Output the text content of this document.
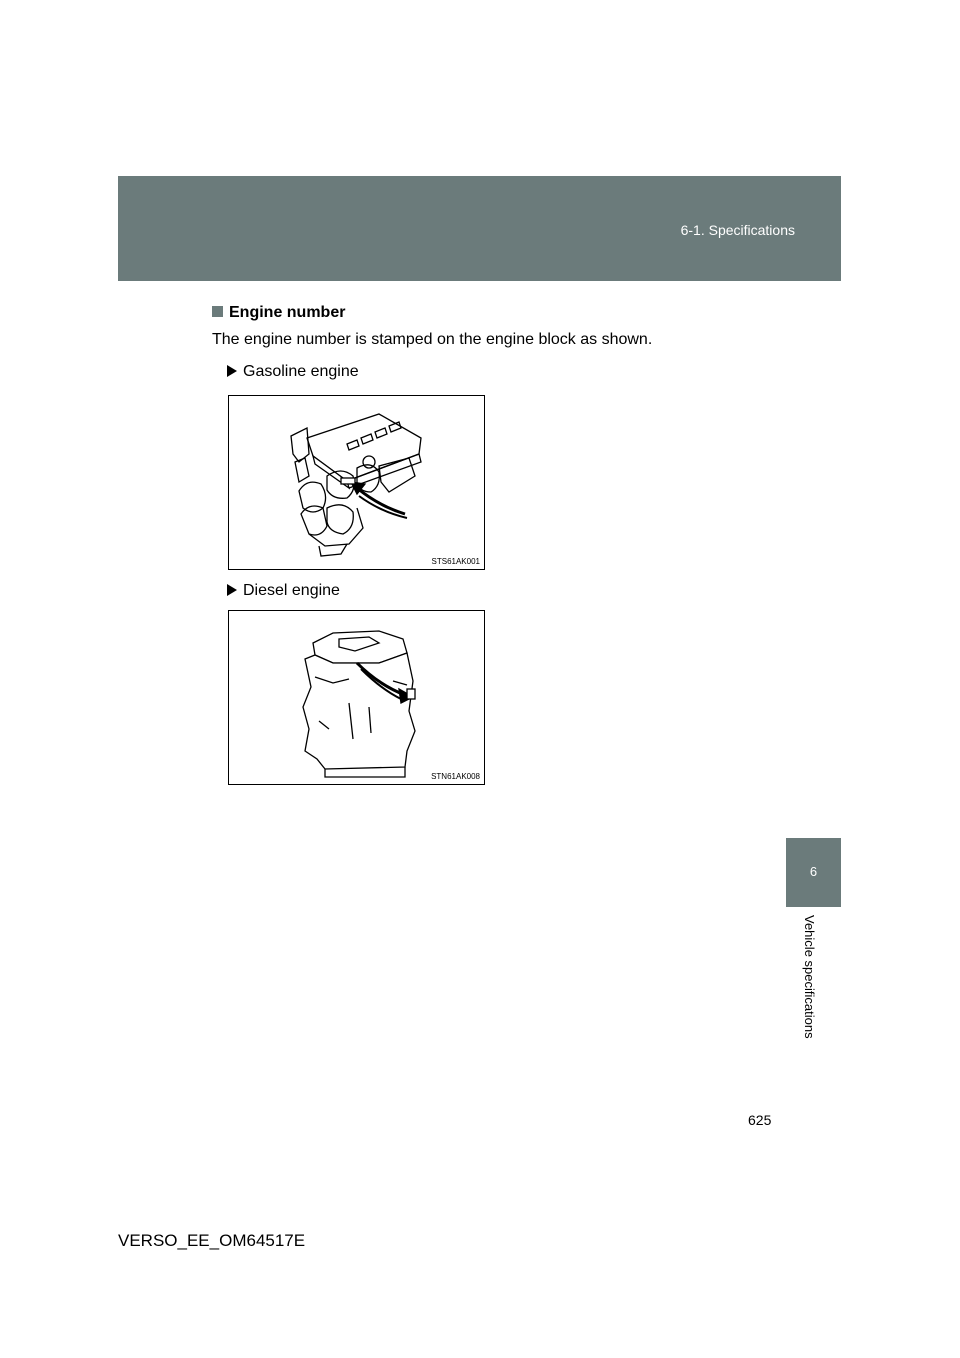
6-1. Specifications
6
Vehicle specifications
Engine number
The engine number is stamped on the engine block as shown.
Gasoline engine
STS61AK001
Diesel engine
STN61AK008
625
VERSO_EE_OM64517E
